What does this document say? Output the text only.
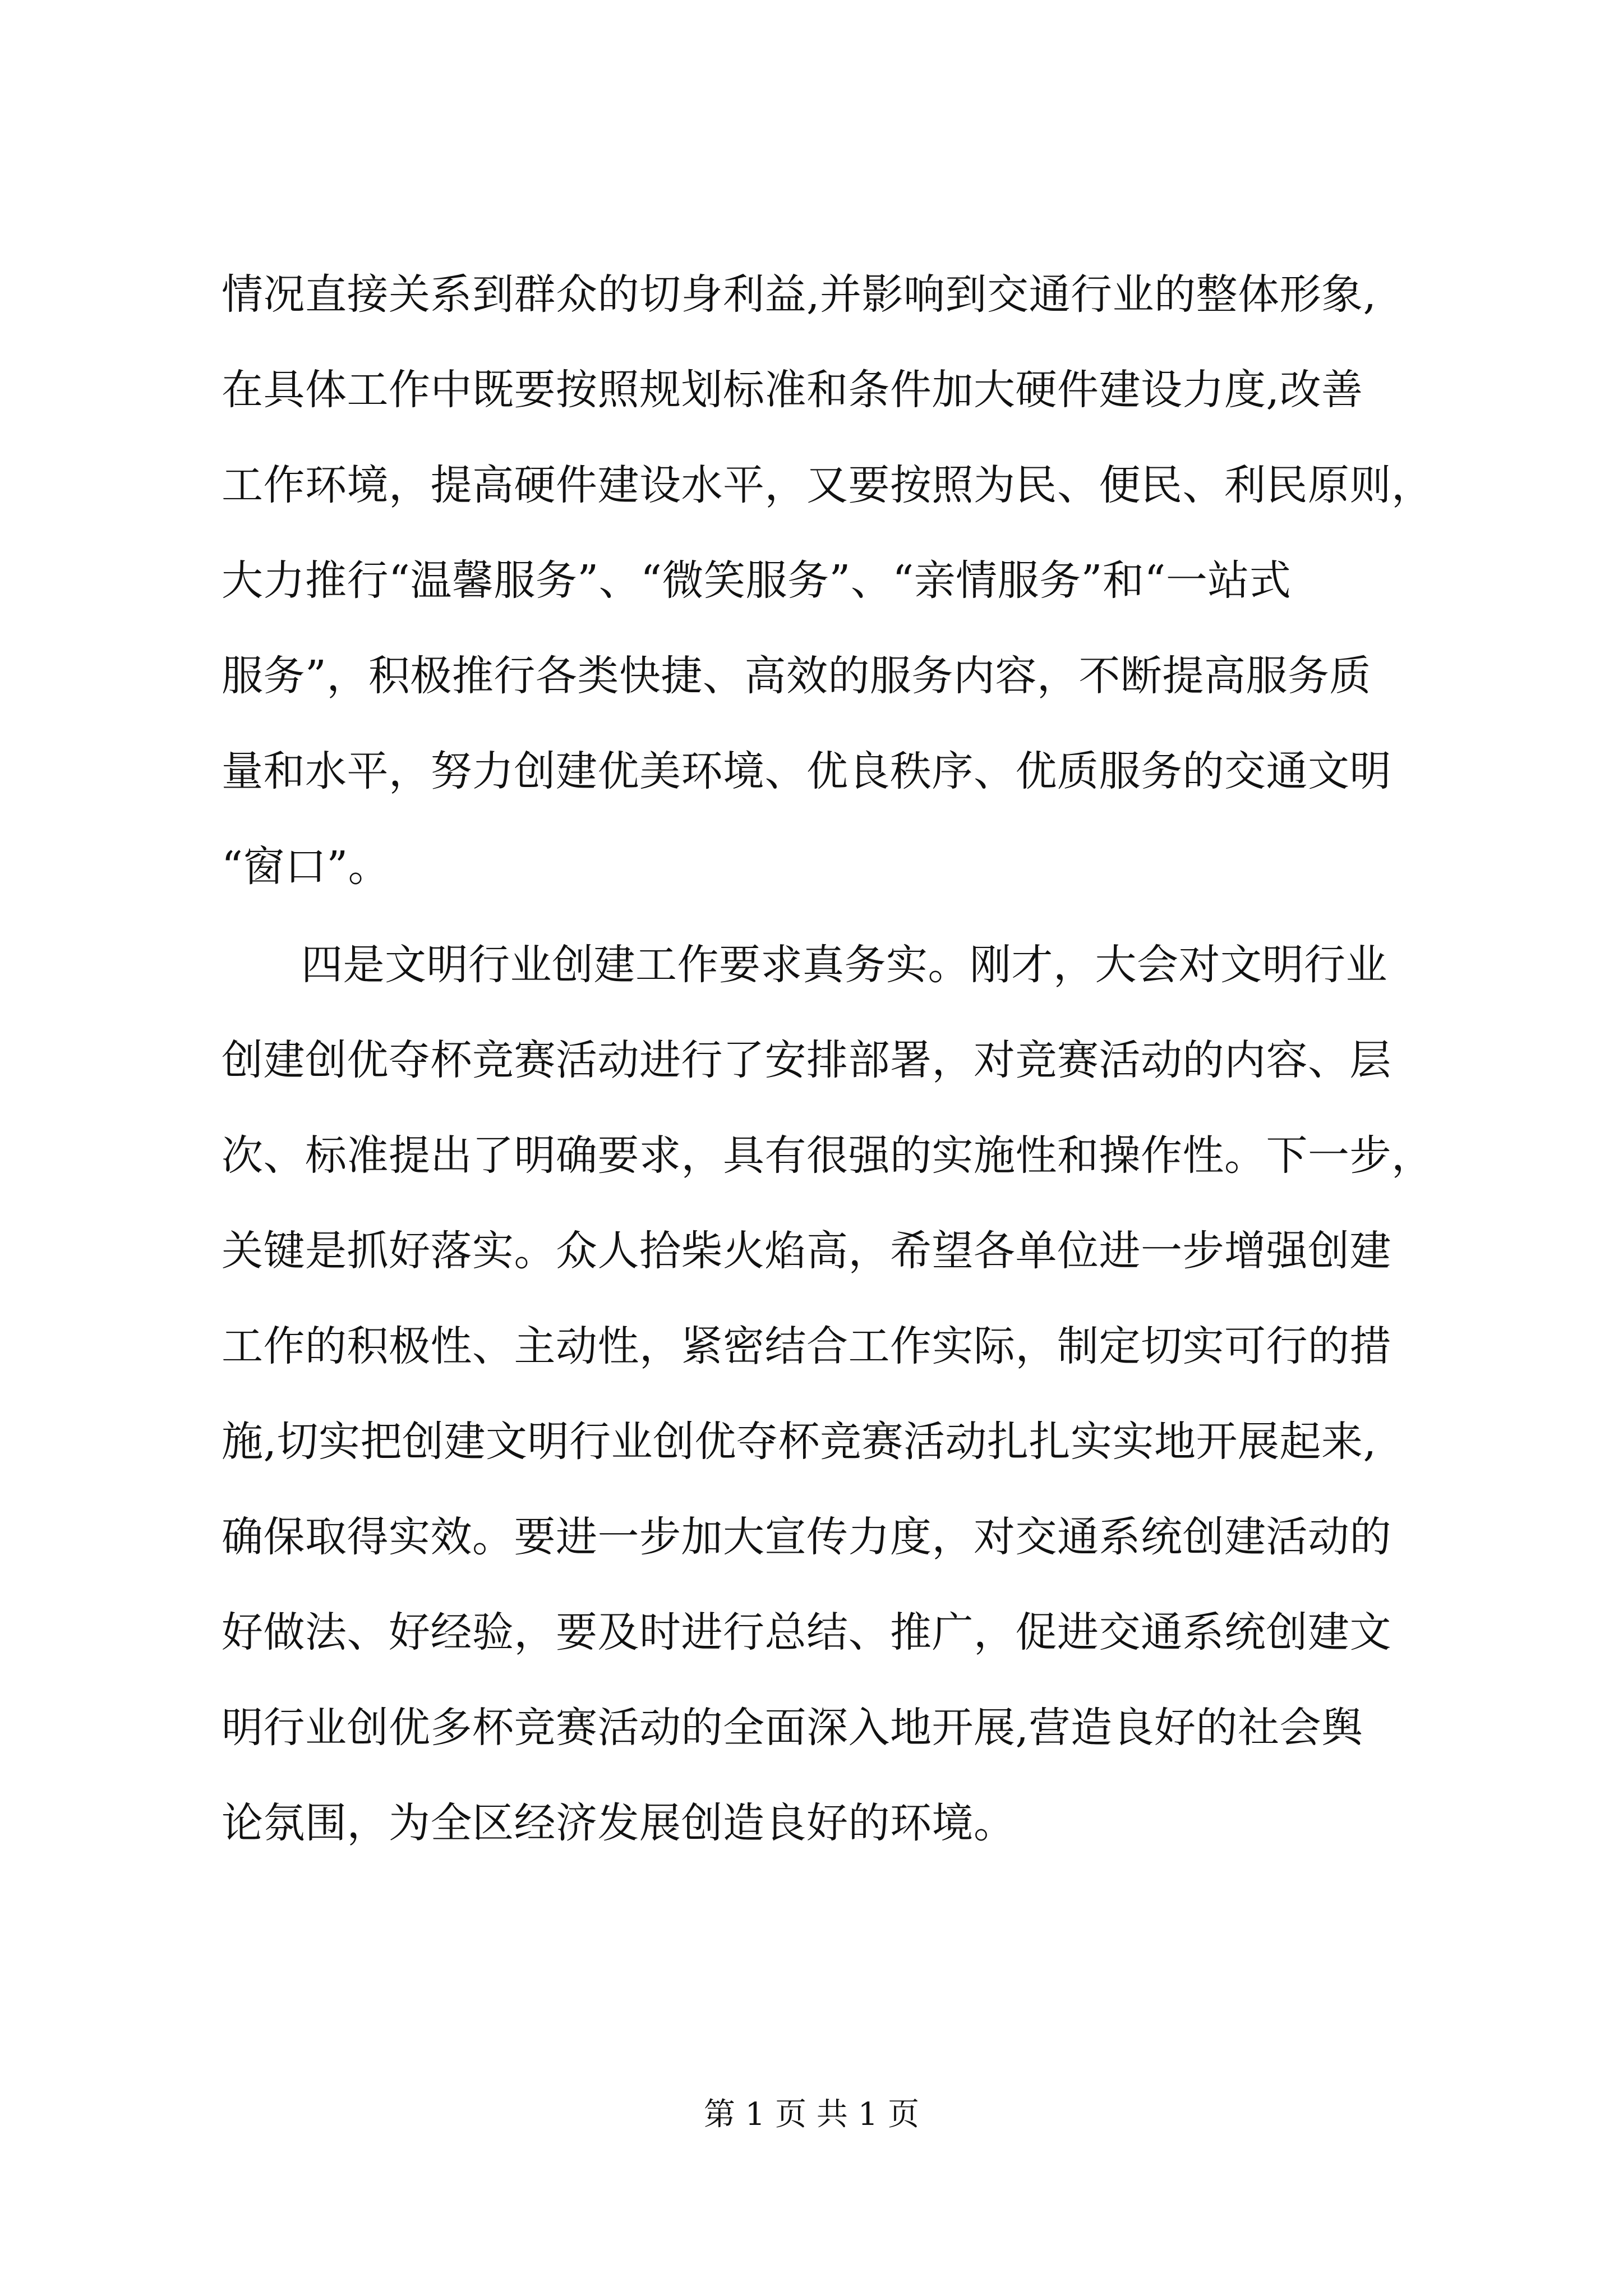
情况直接关系到群众的切身利益,并影响到交通行业的整体形象,
在具体工作中既要按照规划标准和条件加大硬件建设力度,改善
工作环境，提高硬件建设水平，又要按照为民、便民、利民原则，
大力推行“温馨服务”、“微笑服务”、“亲情服务”和“一站式
服务”，积极推行各类快捷、高效的服务内容，不断提高服务质
量和水平，努力创建优美环境、优良秩序、优质服务的交通文明
“窗口”。
四是文明行业创建工作要求真务实。刚才，大会对文明行业
创建创优夺杯竞赛活动进行了安排部署，对竞赛活动的内容、层
次、标准提出了明确要求，具有很强的实施性和操作性。下一步，
关键是抓好落实。众人拾柴火焰高，希望各单位进一步增强创建
工作的积极性、主动性，紧密结合工作实际，制定切实可行的措
施,切实把创建文明行业创优夺杯竞赛活动扎扎实实地开展起来,
确保取得实效。要进一步加大宣传力度，对交通系统创建活动的
好做法、好经验，要及时进行总结、推广，促进交通系统创建文
明行业创优多杯竞赛活动的全面深入地开展,营造良好的社会舆
论氛围，为全区经济发展创造良好的环境。
第 1 页 共 1 页
